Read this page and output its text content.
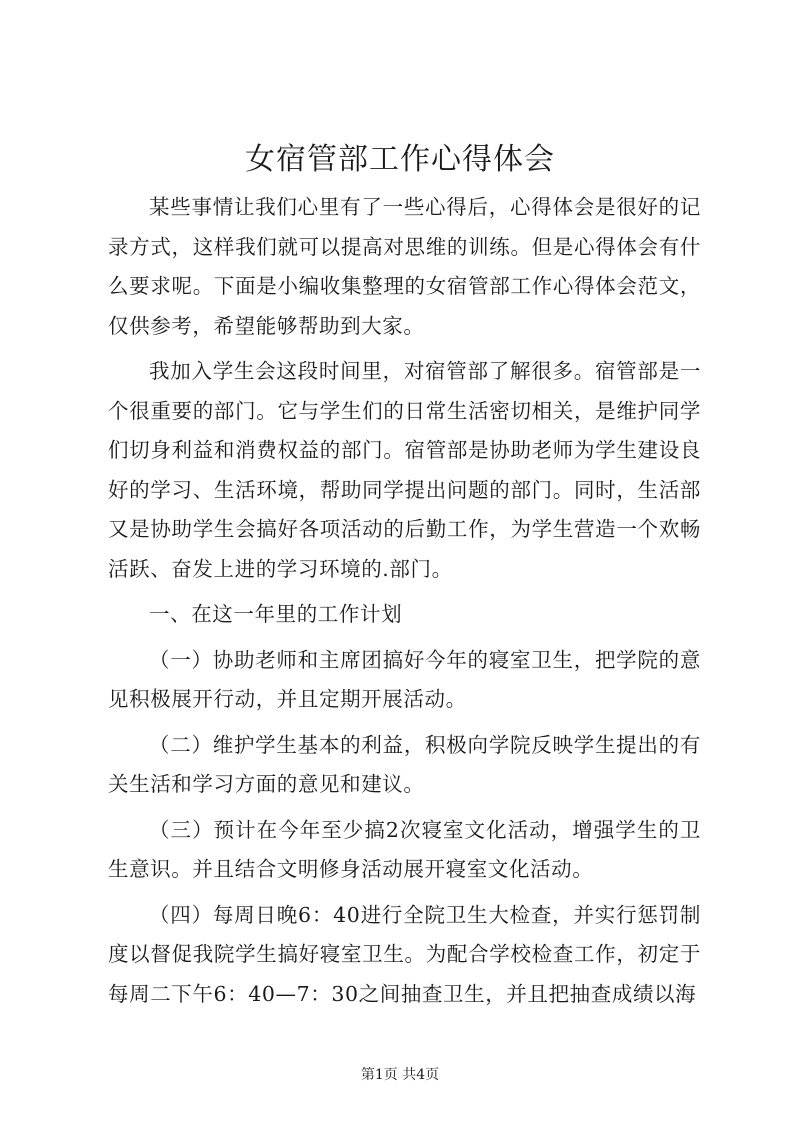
女宿管部工作心得体会

某些事情让我们心里有了一些心得后，心得体会是很好的记录方式，这样我们就可以提高对思维的训练。但是心得体会有什么要求呢。下面是小编收集整理的女宿管部工作心得体会范文，仅供参考，希望能够帮助到大家。

我加入学生会这段时间里，对宿管部了解很多。宿管部是一个很重要的部门。它与学生们的日常生活密切相关，是维护同学们切身利益和消费权益的部门。宿管部是协助老师为学生建设良好的学习、生活环境，帮助同学提出问题的部门。同时，生活部又是协助学生会搞好各项活动的后勤工作，为学生营造一个欢畅活跃、奋发上进的学习环境的.部门。

一、在这一年里的工作计划

（一）协助老师和主席团搞好今年的寝室卫生，把学院的意见积极展开行动，并且定期开展活动。

（二）维护学生基本的利益，积极向学院反映学生提出的有关生活和学习方面的意见和建议。

（三）预计在今年至少搞2次寝室文化活动，增强学生的卫生意识。并且结合文明修身活动展开寝室文化活动。

（四）每周日晚6：40进行全院卫生大检查，并实行惩罚制度以督促我院学生搞好寝室卫生。为配合学校检查工作，初定于每周二下午6：40—7：30之间抽查卫生，并且把抽查成绩以海

第1页 共4页
